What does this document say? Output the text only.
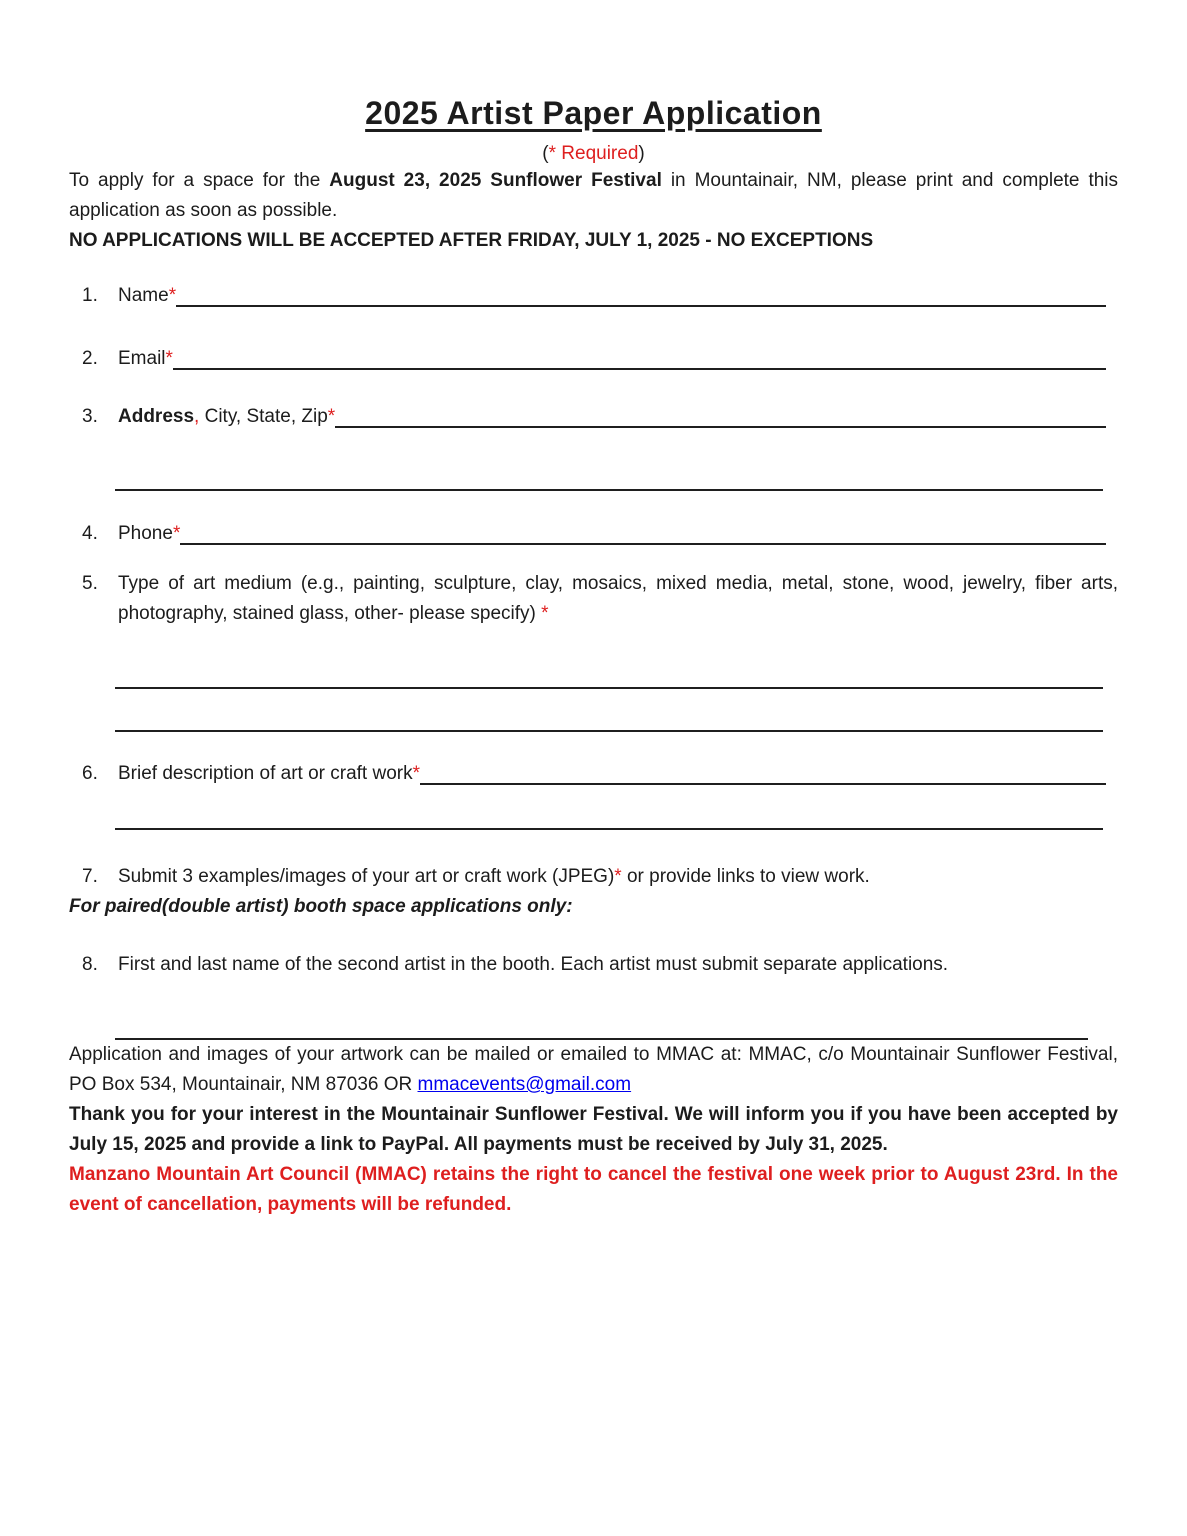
2025 Artist Paper Application

(* Required)

To apply for a space for the August 23, 2025 Sunflower Festival in Mountainair, NM, please print and complete this application as soon as possible.

NO APPLICATIONS WILL BE ACCEPTED AFTER FRIDAY, JULY 1, 2025 - NO EXCEPTIONS

1.	Name*
2.	Email*
3.	Address, City, State, Zip*
4.	Phone*
5.	Type of art medium (e.g., painting, sculpture, clay, mosaics, mixed media, metal, stone, wood, jewelry, fiber arts, photography, stained glass, other- please specify) *

6.	Brief description of art or craft work*
7.	Submit 3 examples/images of your art or craft work (JPEG)* or provide links to view work.

For paired(double artist) booth space applications only:

8.	First and last name of the second artist in the booth. Each artist must submit separate applications.

Application and images of your artwork can be mailed or emailed to MMAC at: MMAC, c/o Mountainair Sunflower Festival, PO Box 534, Mountainair, NM 87036 OR mmacevents@gmail.com

Thank you for your interest in the Mountainair Sunflower Festival. We will inform you if you have been accepted by July 15, 2025 and provide a link to PayPal. All payments must be received by July 31, 2025.

Manzano Mountain Art Council (MMAC) retains the right to cancel the festival one week prior to August 23rd. In the event of cancellation, payments will be refunded.
